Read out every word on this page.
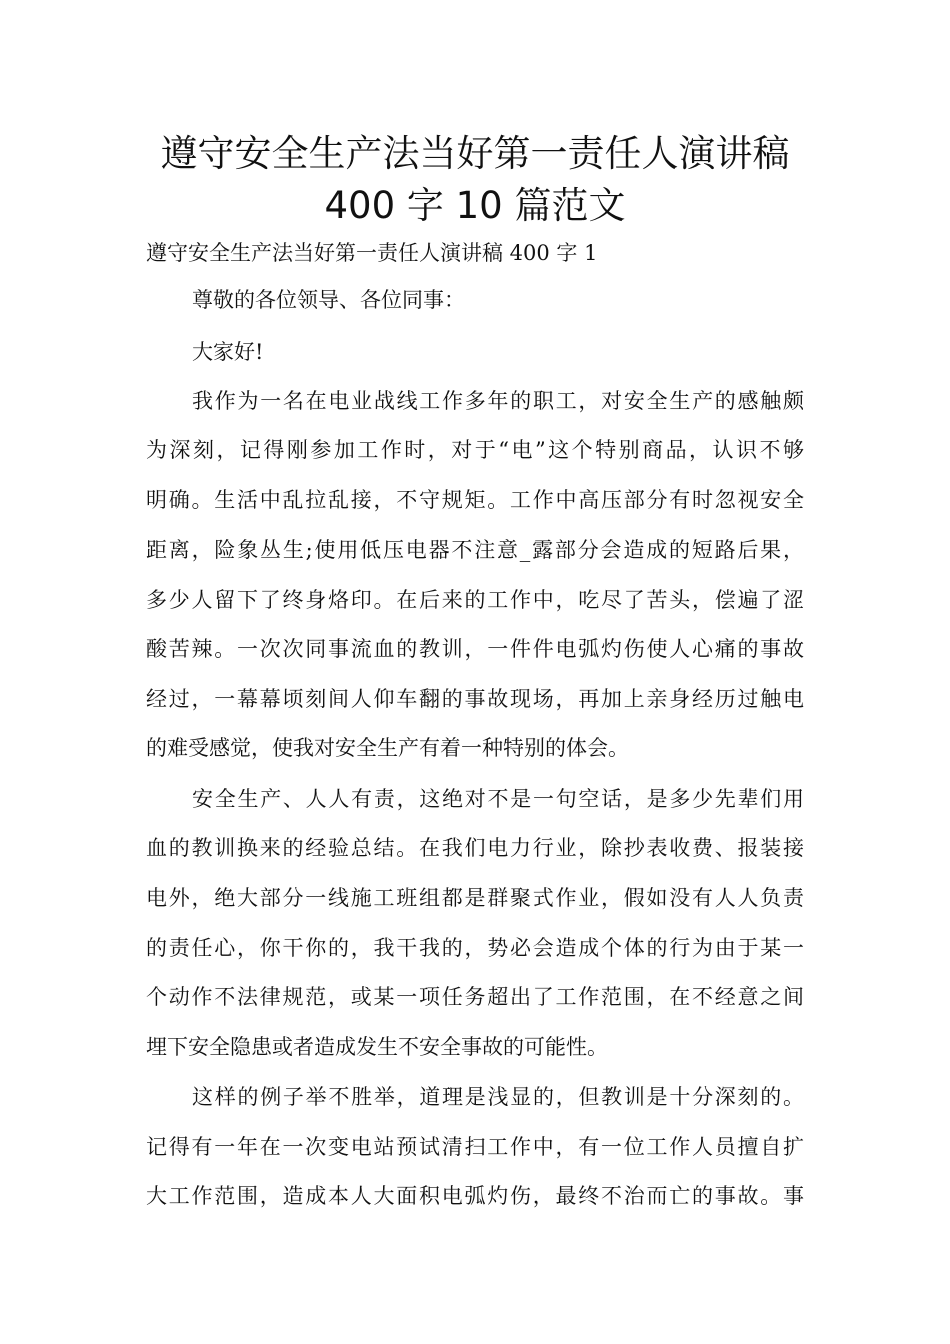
遵守安全生产法当好第一责任人演讲稿
400 字 10 篇范文
遵守安全生产法当好第一责任人演讲稿 400 字 1
尊敬的各位领导、各位同事：
大家好!
我作为一名在电业战线工作多年的职工，对安全生产的感触颇
为深刻，记得刚参加工作时，对于“电”这个特别商品，认识不够
明确。生活中乱拉乱接，不守规矩。工作中高压部分有时忽视安全
距离，险象丛生;使用低压电器不注意_露部分会造成的短路后果，
多少人留下了终身烙印。在后来的工作中，吃尽了苦头，偿遍了涩
酸苦辣。一次次同事流血的教训，一件件电弧灼伤使人心痛的事故
经过，一幕幕顷刻间人仰车翻的事故现场，再加上亲身经历过触电
的难受感觉，使我对安全生产有着一种特别的体会。
安全生产、人人有责，这绝对不是一句空话，是多少先辈们用
血的教训换来的经验总结。在我们电力行业，除抄表收费、报装接
电外，绝大部分一线施工班组都是群聚式作业，假如没有人人负责
的责任心，你干你的，我干我的，势必会造成个体的行为由于某一
个动作不法律规范，或某一项任务超出了工作范围，在不经意之间
埋下安全隐患或者造成发生不安全事故的可能性。
这样的例子举不胜举，道理是浅显的，但教训是十分深刻的。
记得有一年在一次变电站预试清扫工作中，有一位工作人员擅自扩
大工作范围，造成本人大面积电弧灼伤，最终不治而亡的事故。事
